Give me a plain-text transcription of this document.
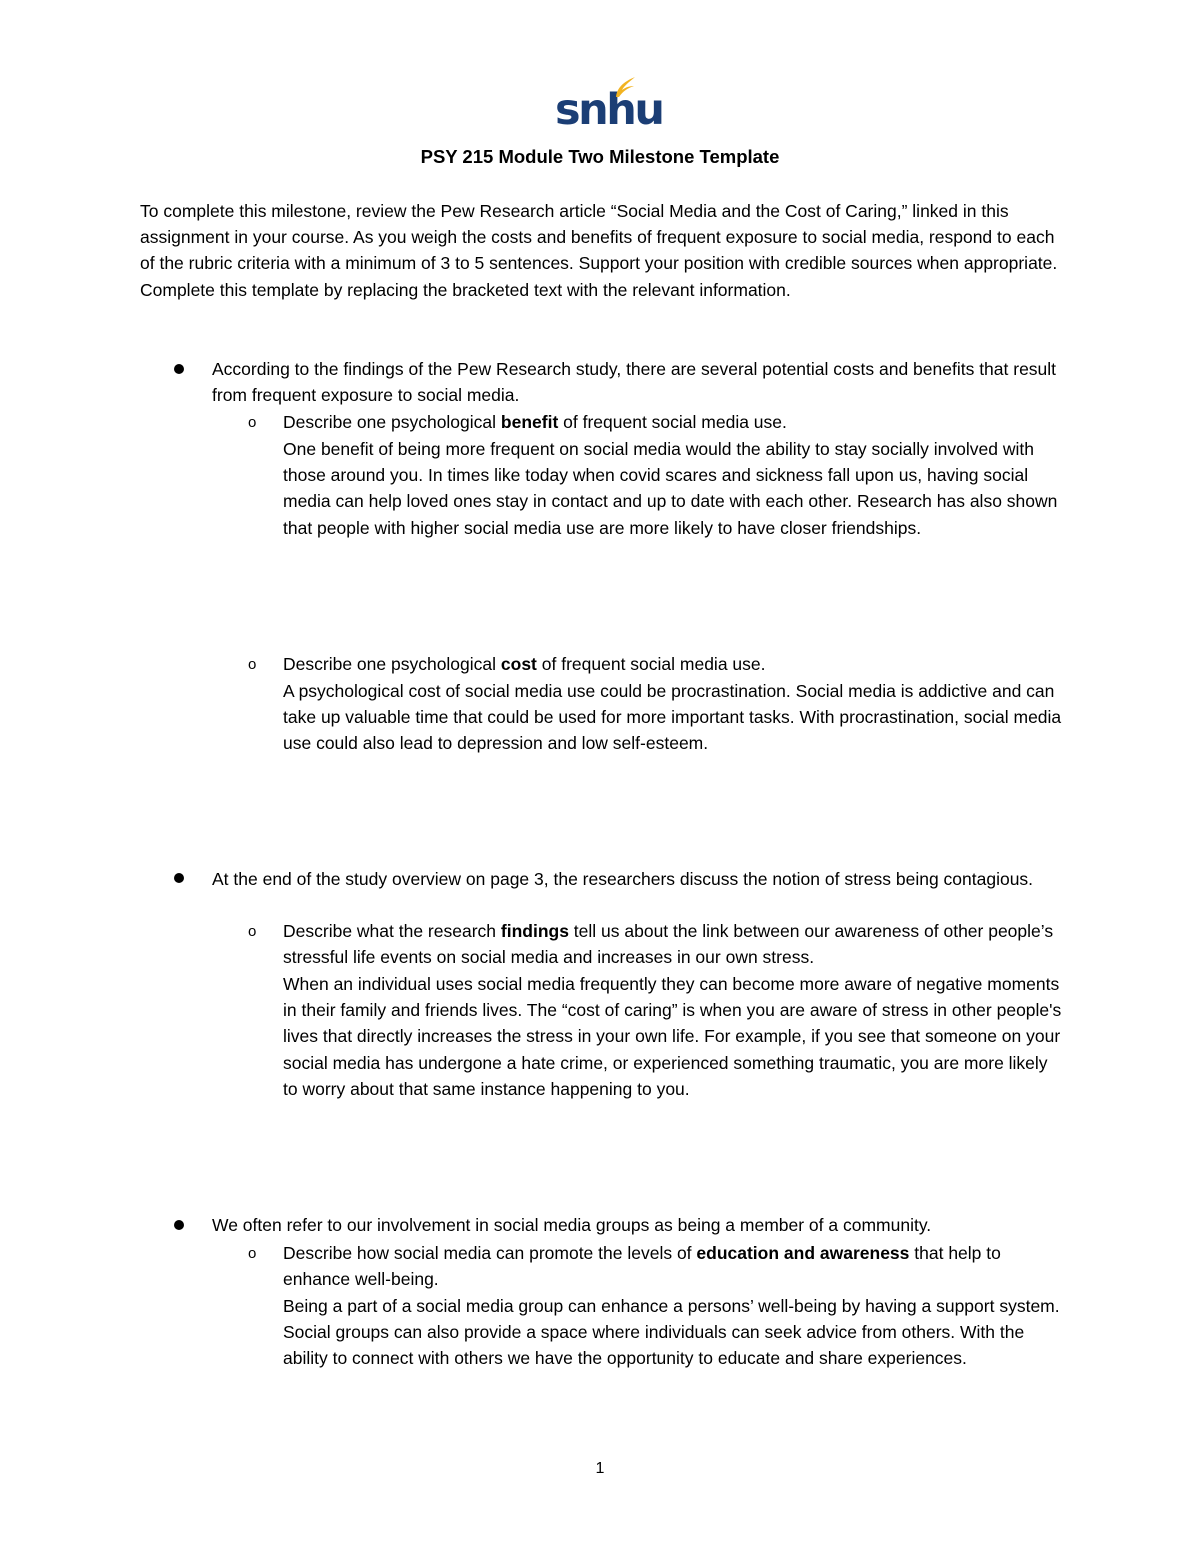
snhu
PSY 215 Module Two Milestone Template

To complete this milestone, review the Pew Research article “Social Media and the Cost of Caring,” linked in this assignment in your course. As you weigh the costs and benefits of frequent exposure to social media, respond to each of the rubric criteria with a minimum of 3 to 5 sentences. Support your position with credible sources when appropriate. Complete this template by replacing the bracketed text with the relevant information.

According to the findings of the Pew Research study, there are several potential costs and benefits that result from frequent exposure to social media.

o Describe one psychological benefit of frequent social media use.

One benefit of being more frequent on social media would the ability to stay socially involved with those around you. In times like today when covid scares and sickness fall upon us, having social media can help loved ones stay in contact and up to date with each other. Research has also shown that people with higher social media use are more likely to have closer friendships.

o Describe one psychological cost of frequent social media use.

A psychological cost of social media use could be procrastination. Social media is addictive and can take up valuable time that could be used for more important tasks. With procrastination, social media use could also lead to depression and low self-esteem.

At the end of the study overview on page 3, the researchers discuss the notion of stress being contagious.

o Describe what the research findings tell us about the link between our awareness of other people’s stressful life events on social media and increases in our own stress.

When an individual uses social media frequently they can become more aware of negative moments in their family and friends lives. The “cost of caring” is when you are aware of stress in other people's lives that directly increases the stress in your own life. For example, if you see that someone on your social media has undergone a hate crime, or experienced something traumatic, you are more likely to worry about that same instance happening to you.

We often refer to our involvement in social media groups as being a member of a community.

o Describe how social media can promote the levels of education and awareness that help to enhance well-being.

Being a part of a social media group can enhance a persons’ well-being by having a support system. Social groups can also provide a space where individuals can seek advice from others. With the ability to connect with others we have the opportunity to educate and share experiences.

1
